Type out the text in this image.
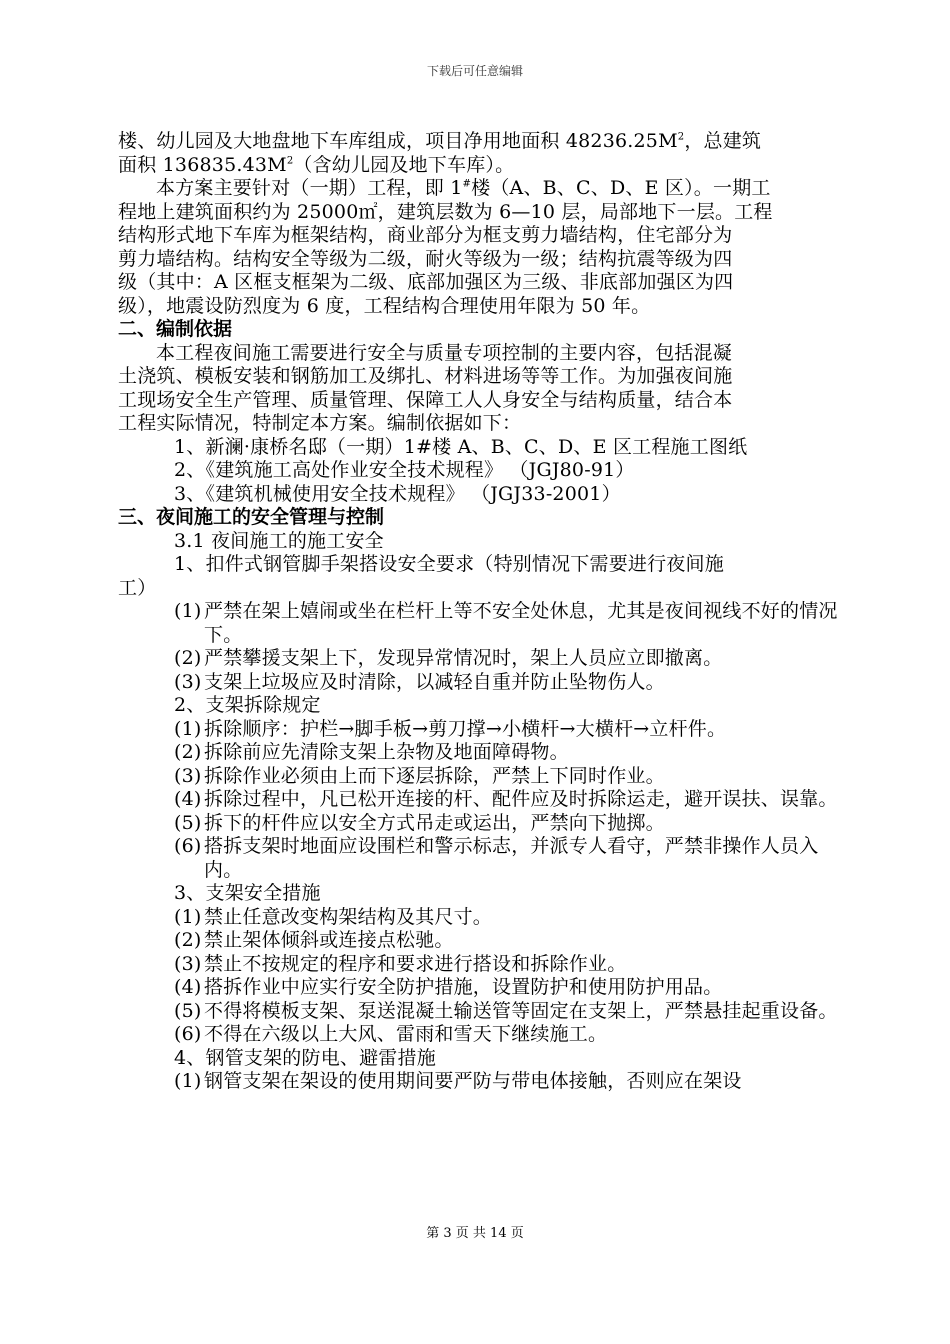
下载后可任意编辑
楼、幼儿园及大地盘地下车库组成，项目净用地面积 $48236.25M^2$，总建筑
面积 $136835.43M^2$（含幼儿园及地下车库）。
本方案主要针对（一期）工程，即 1#楼（A、B、C、D、E 区）。一期工
程地上建筑面积约为 25000㎡，建筑层数为 6—10 层，局部地下一层。工程
结构形式地下车库为框架结构，商业部分为框支剪力墙结构，住宅部分为
剪力墙结构。结构安全等级为二级，耐火等级为一级；结构抗震等级为四
级（其中：A 区框支框架为二级、底部加强区为三级、非底部加强区为四
级），地震设防烈度为 6 度，工程结构合理使用年限为 50 年。
二、编制依据
本工程夜间施工需要进行安全与质量专项控制的主要内容，包括混凝
土浇筑、模板安装和钢筋加工及绑扎、材料进场等等工作。为加强夜间施
工现场安全生产管理、质量管理、保障工人人身安全与结构质量，结合本
工程实际情况，特制定本方案。编制依据如下：
1、新澜·康桥名邸（一期）1#楼 A、B、C、D、E 区工程施工图纸
2、《建筑施工高处作业安全技术规程》 （JGJ80-91）
3、《建筑机械使用安全技术规程》 （JGJ33-2001）
三、夜间施工的安全管理与控制
3.1 夜间施工的施工安全
1、扣件式钢管脚手架搭设安全要求（特别情况下需要进行夜间施
工）
(1) 严禁在架上嬉闹或坐在栏杆上等不安全处休息，尤其是夜间视线不好的情况下。
(2) 严禁攀援支架上下，发现异常情况时，架上人员应立即撤离。
(3) 支架上垃圾应及时清除，以减轻自重并防止坠物伤人。
2、支架拆除规定
(1) 拆除顺序：护栏→脚手板→剪刀撑→小横杆→大横杆→立杆件。
(2) 拆除前应先清除支架上杂物及地面障碍物。
(3) 拆除作业必须由上而下逐层拆除，严禁上下同时作业。
(4) 拆除过程中，凡已松开连接的杆、配件应及时拆除运走，避开误扶、误靠。
(5) 拆下的杆件应以安全方式吊走或运出，严禁向下抛掷。
(6) 搭拆支架时地面应设围栏和警示标志，并派专人看守，严禁非操作人员入内。
3、支架安全措施
(1) 禁止任意改变构架结构及其尺寸。
(2) 禁止架体倾斜或连接点松驰。
(3) 禁止不按规定的程序和要求进行搭设和拆除作业。
(4) 搭拆作业中应实行安全防护措施，设置防护和使用防护用品。
(5) 不得将模板支架、泵送混凝土输送管等固定在支架上，严禁悬挂起重设备。
(6) 不得在六级以上大风、雷雨和雪天下继续施工。
4、钢管支架的防电、避雷措施
(1) 钢管支架在架设的使用期间要严防与带电体接触，否则应在架设
第 3 页 共 14 页
